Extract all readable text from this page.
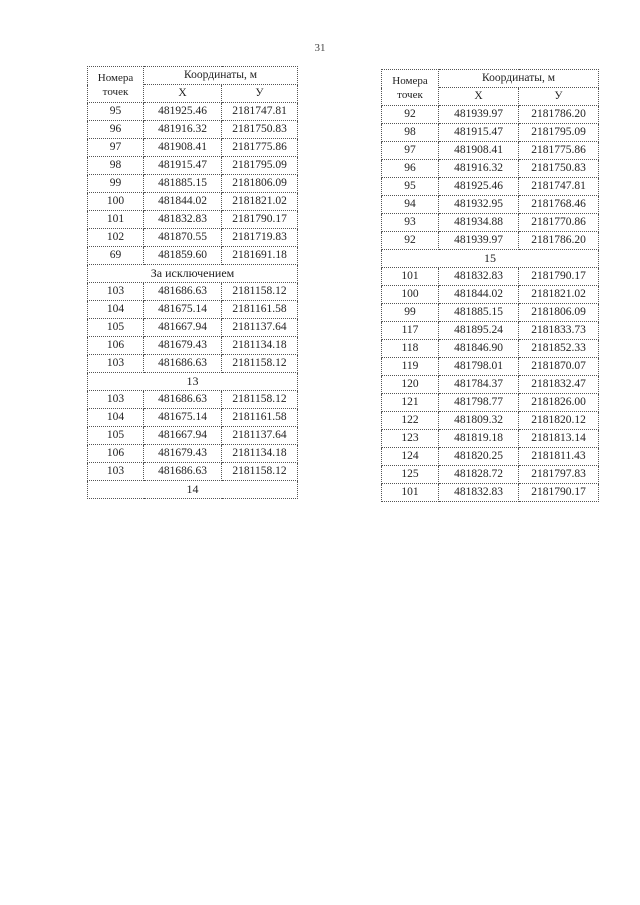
31
Номера
точек	Координаты, м	
	Х	У
95	481925.46	2181747.81
96	481916.32	2181750.83
97	481908.41	2181775.86
98	481915.47	2181795.09
99	481885.15	2181806.09
100	481844.02	2181821.02
101	481832.83	2181790.17
102	481870.55	2181719.83
69	481859.60	2181691.18
За исключением		
103	481686.63	2181158.12
104	481675.14	2181161.58
105	481667.94	2181137.64
106	481679.43	2181134.18
103	481686.63	2181158.12
13		
103	481686.63	2181158.12
104	481675.14	2181161.58
105	481667.94	2181137.64
106	481679.43	2181134.18
103	481686.63	2181158.12
14		
Номера
точек	Координаты, м	
	Х	У
92	481939.97	2181786.20
98	481915.47	2181795.09
97	481908.41	2181775.86
96	481916.32	2181750.83
95	481925.46	2181747.81
94	481932.95	2181768.46
93	481934.88	2181770.86
92	481939.97	2181786.20
15		
101	481832.83	2181790.17
100	481844.02	2181821.02
99	481885.15	2181806.09
117	481895.24	2181833.73
118	481846.90	2181852.33
119	481798.01	2181870.07
120	481784.37	2181832.47
121	481798.77	2181826.00
122	481809.32	2181820.12
123	481819.18	2181813.14
124	481820.25	2181811.43
125	481828.72	2181797.83
101	481832.83	2181790.17
